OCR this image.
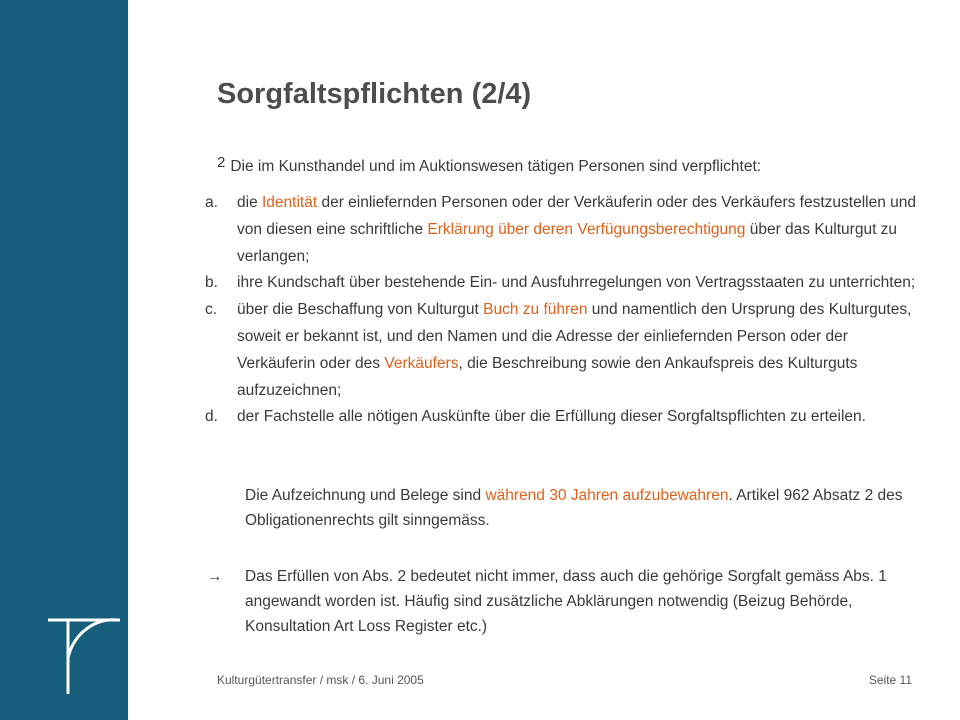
Sorgfaltspflichten (2/4)
$^2$ Die im Kunsthandel und im Auktionswesen tätigen Personen sind verpflichtet:
a.	die Identität der einliefernden Personen oder der Verkäuferin oder des Verkäufers festzustellen und von diesen eine schriftliche Erklärung über deren Verfügungsberechtigung über das Kulturgut zu verlangen;
b.	ihre Kundschaft über bestehende Ein- und Ausfuhrregelungen von Vertragsstaaten zu unterrichten;
c.	über die Beschaffung von Kulturgut Buch zu führen und namentlich den Ursprung des Kulturgutes, soweit er bekannt ist, und den Namen und die Adresse der einliefernden Person oder der Verkäuferin oder des Verkäufers, die Beschreibung sowie den Ankaufspreis des Kulturguts aufzuzeichnen;
d.	der Fachstelle alle nötigen Auskünfte über die Erfüllung dieser Sorgfaltspflichten zu erteilen.
Die Aufzeichnung und Belege sind während 30 Jahren aufzubewahren. Artikel 962 Absatz 2 des Obligationenrechts gilt sinngemäss.
→	Das Erfüllen von Abs. 2 bedeutet nicht immer, dass auch die gehörige Sorgfalt gemäss Abs. 1 angewandt worden ist. Häufig sind zusätzliche Abklärungen notwendig (Beizug Behörde, Konsultation Art Loss Register etc.)
Kulturgütertransfer / msk / 6. Juni 2005	Seite 11
